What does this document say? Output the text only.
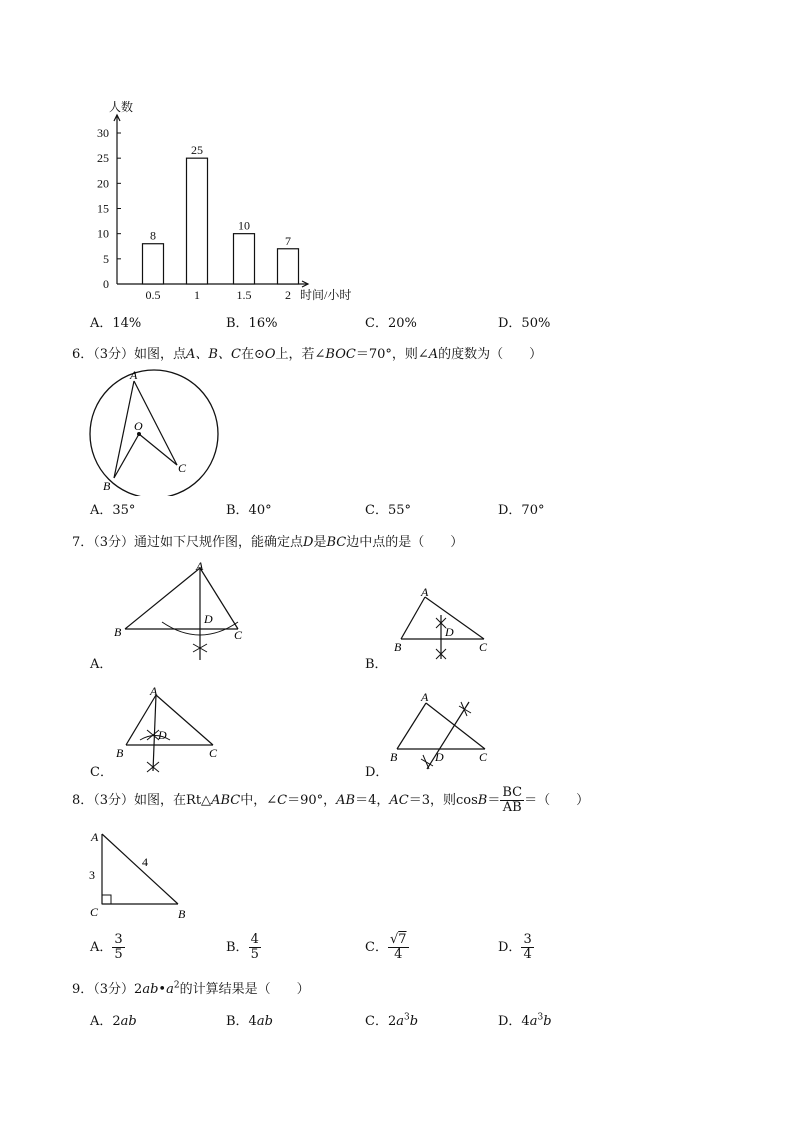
0
5
10
15
20
25
30
人数
8
0.5
25
1
10
1.5
7
2 时间/小时
A．14%	B．16%	C．20%	D．50%
6．（3分）如图，点A、B、C在⊙O上，若∠BOC＝70°，则∠A的度数为（　　）
A
O
B
C
A．35°	B．40°	C．55°	D．70°
7．（3分）通过如下尺规作图，能确定点D是BC边中点的是（　　）
A
B	C
D
A．
A
B	C
D
B．
A
B	C
D
C．
A
B	C
D
D．
8．（3分）如图，在Rt△ABC中，∠C＝90°，AB＝4，AC＝3，则$\cos B= \frac{BC}{AB}$ ＝（　　）
A
C	B
3
4
A． $\frac{3}{5}$	B． $\frac{4}{5}$	C． $\frac{√7}{4}$	D． $\frac{3}{4}$
9．（3分）$2ab•a^2$的计算结果是（　　）
A．2ab	B．4ab	C．$2a^3b$	D．$4a^3b$
